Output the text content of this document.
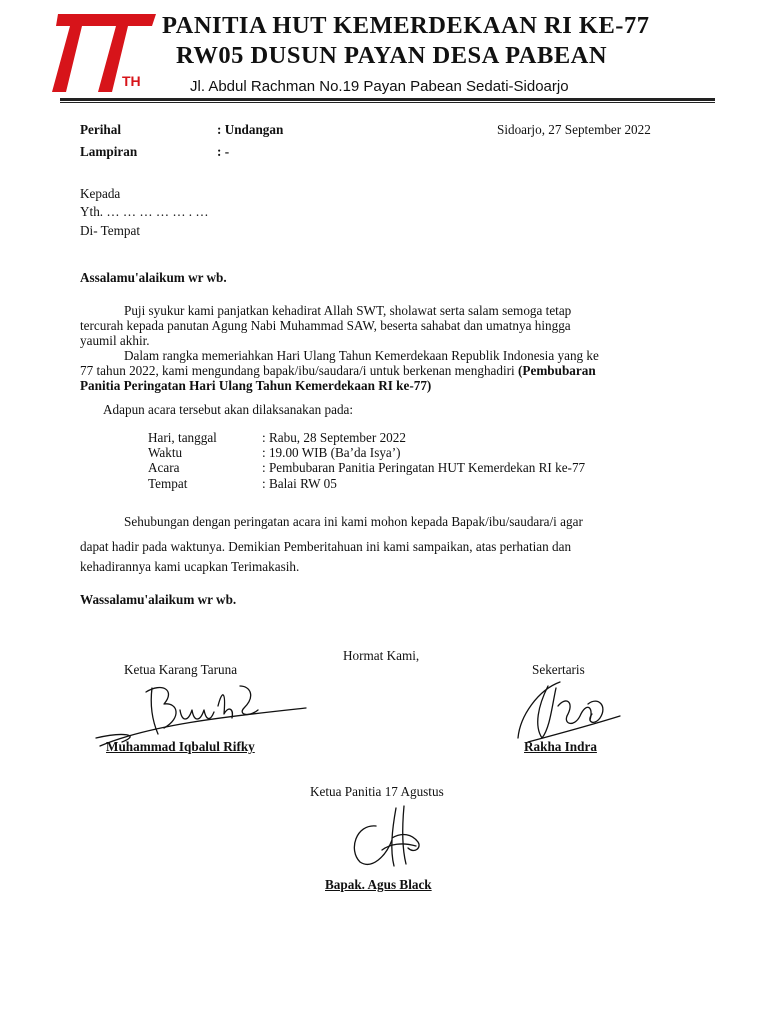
TH
PANITIA HUT KEMERDEKAAN RI KE-77
RW05 DUSUN PAYAN DESA PABEAN
Jl. Abdul Rachman No.19 Payan Pabean Sedati-Sidoarjo
Perihal	: Undangan	Sidoarjo, 27 September 2022
Lampiran	: -
Kepada
Yth. … … … … … . …
Di- Tempat
Assalamu'alaikum wr wb.
Puji syukur kami panjatkan kehadirat Allah SWT, sholawat serta salam semoga tetap
tercurah kepada panutan Agung Nabi Muhammad SAW, beserta sahabat dan umatnya hingga
yaumil akhir.
Dalam rangka memeriahkan Hari Ulang Tahun Kemerdekaan Republik Indonesia yang ke
77 tahun 2022, kami mengundang bapak/ibu/saudara/i untuk berkenan menghadiri (Pembubaran
Panitia Peringatan Hari Ulang Tahun Kemerdekaan RI ke-77)
Adapun acara tersebut akan dilaksanakan pada:
Hari, tanggal	: Rabu, 28 September 2022
Waktu	: 19.00 WIB (Ba’da Isya’)
Acara	: Pembubaran Panitia Peringatan HUT Kemerdekan RI ke-77
Tempat	: Balai RW 05
Sehubungan dengan peringatan acara ini kami mohon kepada Bapak/ibu/saudara/i agar
dapat hadir pada waktunya. Demikian Pemberitahuan ini kami sampaikan, atas perhatian dan
kehadirannya kami ucapkan Terimakasih.
Wassalamu'alaikum wr wb.
Hormat Kami,
Ketua Karang Taruna	Sekertaris
Muhammad Iqbalul Rifky	Rakha Indra
Ketua Panitia 17 Agustus
Bapak. Agus Black
